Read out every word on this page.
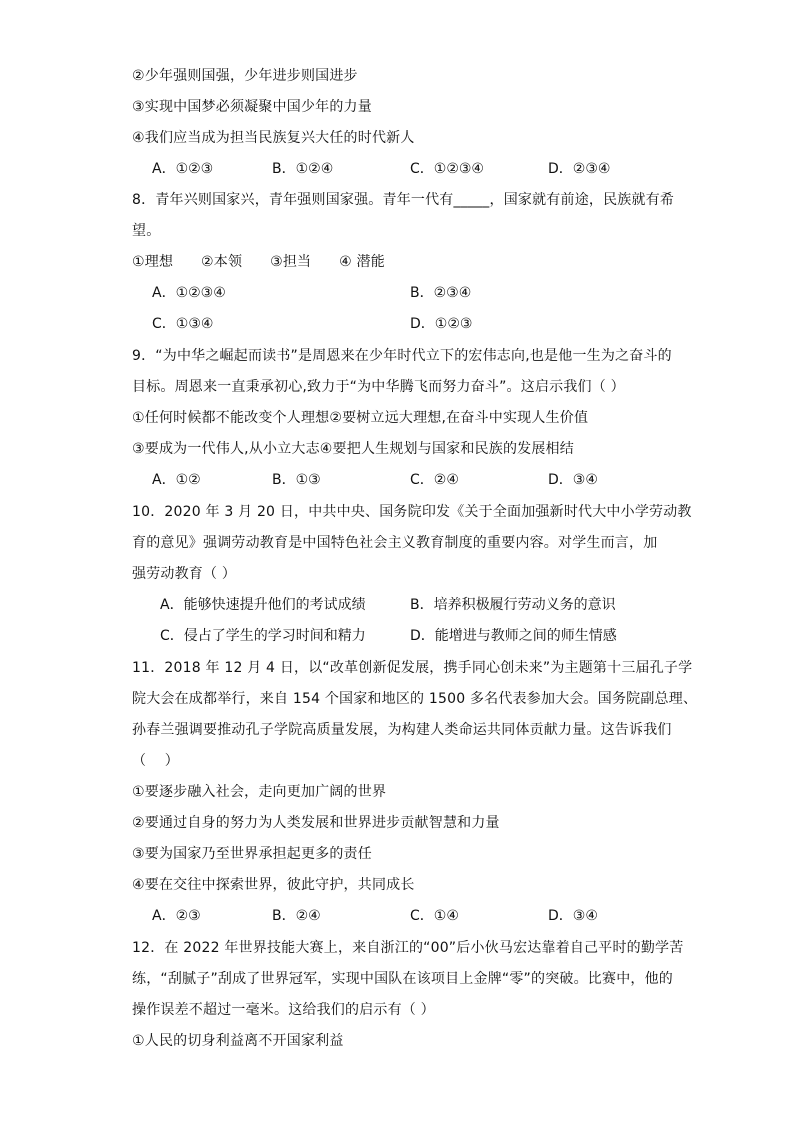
②少年强则国强，少年进步则国进步
③实现中国梦必须凝聚中国少年的力量
④我们应当成为担当民族复兴大任的时代新人
A．①②③	B．①②④	C．①②③④	D．②③④
8．青年兴则国家兴，青年强则国家强。青年一代有_____，国家就有前途，民族就有希
望。
①理想      ②本领      ③担当      ④ 潜能
A．①②③④	B．②③④
C．①③④	D．①②③
9．“为中华之崛起而读书”是周恩来在少年时代立下的宏伟志向,也是他一生为之奋斗的
目标。周恩来一直秉承初心,致力于“为中华腾飞而努力奋斗”。这启示我们（ ）
①任何时候都不能改变个人理想②要树立远大理想,在奋斗中实现人生价值
③要成为一代伟人,从小立大志④要把人生规划与国家和民族的发展相结
A．①②	B．①③	C．②④	D．③④
10．2020 年 3 月 20 日，中共中央、国务院印发《关于全面加强新时代大中小学劳动教
育的意见》强调劳动教育是中国特色社会主义教育制度的重要内容。对学生而言，加
强劳动教育（ ）
A．能够快速提升他们的考试成绩	B．培养积极履行劳动义务的意识
C．侵占了学生的学习时间和精力	D．能增进与教师之间的师生情感
11．2018 年 12 月 4 日，以“改革创新促发展，携手同心创未来”为主题第十三届孔子学
院大会在成都举行，来自 154 个国家和地区的 1500 多名代表参加大会。国务院副总理、
孙春兰强调要推动孔子学院高质量发展，为构建人类命运共同体贡献力量。这告诉我们
（    ）
①要逐步融入社会，走向更加广阔的世界
②要通过自身的努力为人类发展和世界进步贡献智慧和力量
③要为国家乃至世界承担起更多的责任
④要在交往中探索世界，彼此守护，共同成长
A．②③	B．②④	C．①④	D．③④
12．在 2022 年世界技能大赛上，来自浙江的“00”后小伙马宏达靠着自己平时的勤学苦
练，“刮腻子”刮成了世界冠军，实现中国队在该项目上金牌“零”的突破。比赛中，他的
操作误差不超过一毫米。这给我们的启示有（ ）
①人民的切身利益离不开国家利益
